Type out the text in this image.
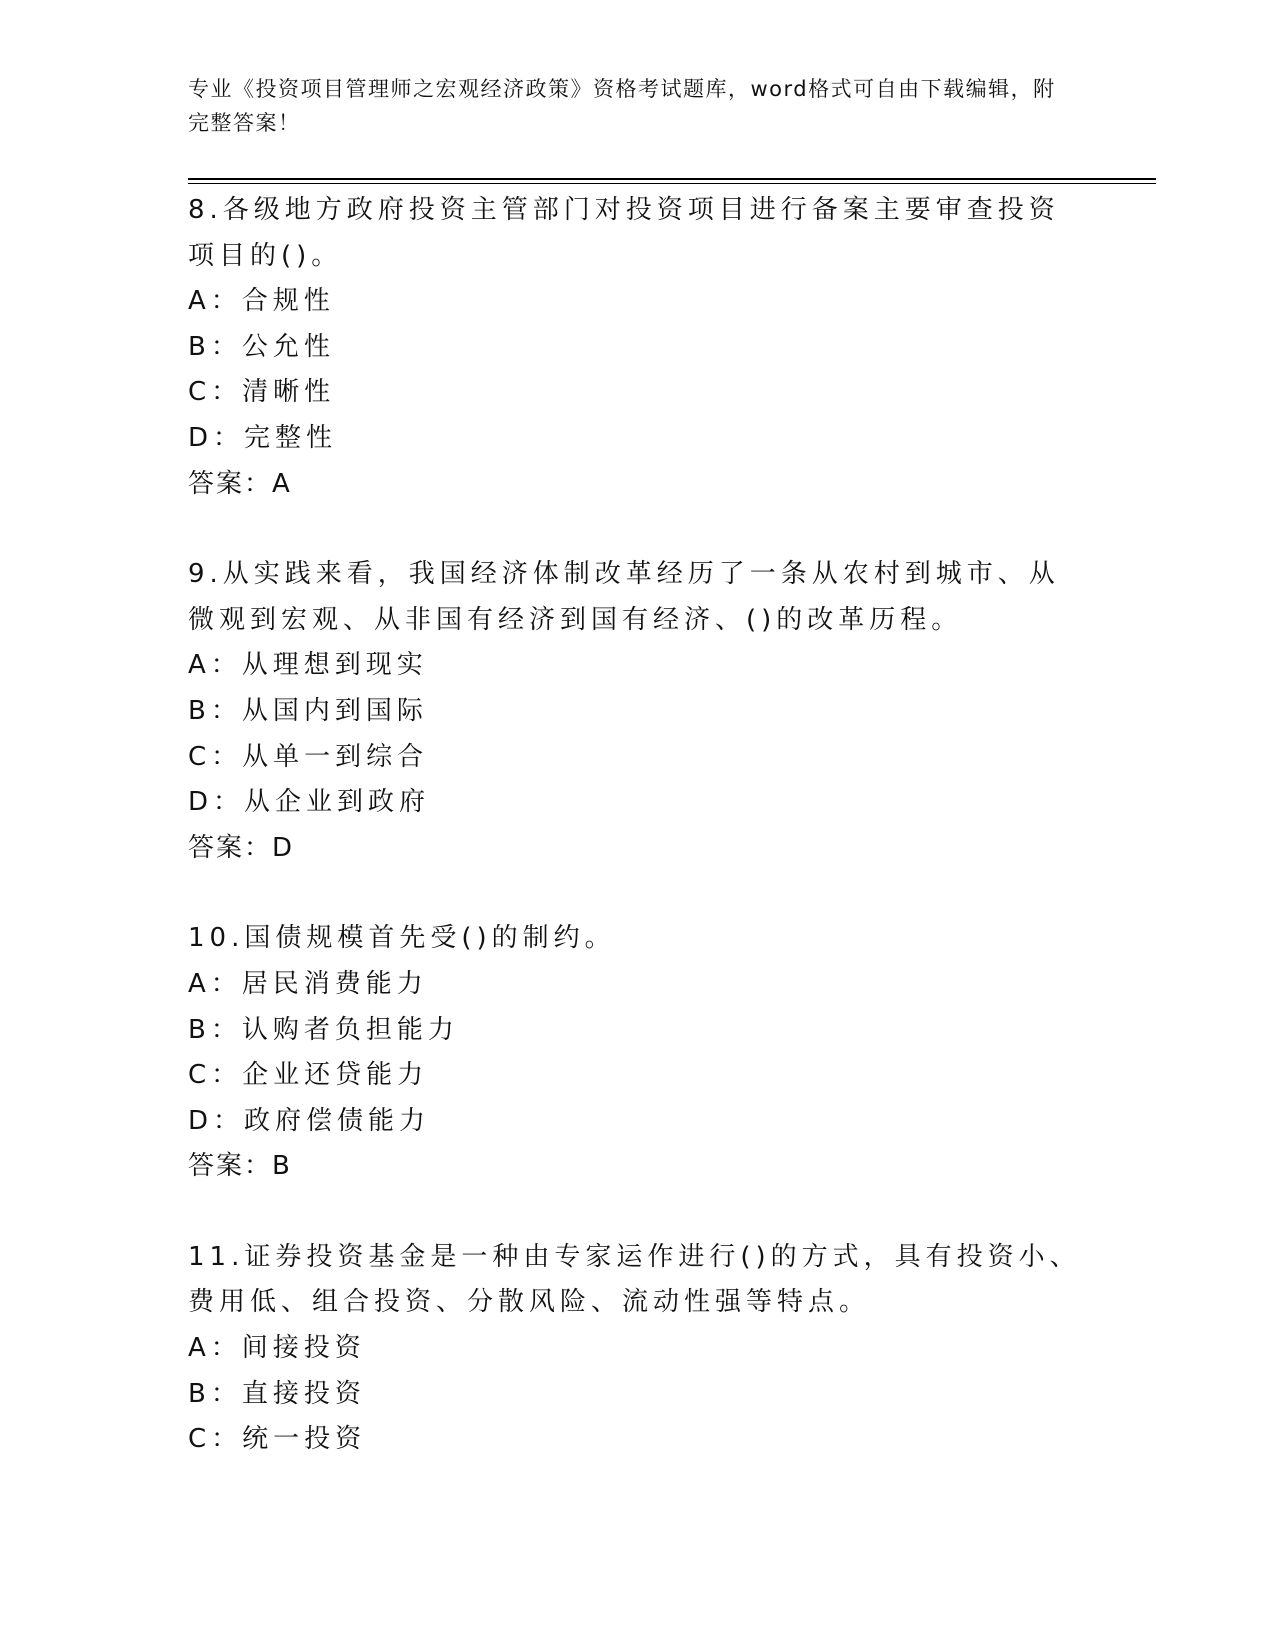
专业《投资项目管理师之宏观经济政策》资格考试题库，word格式可自由下载编辑，附完整答案！
8.各级地方政府投资主管部门对投资项目进行备案主要审查投资项目的()。
A：合规性
B：公允性
C：清晰性
D：完整性
答案：A
9.从实践来看，我国经济体制改革经历了一条从农村到城市、从微观到宏观、从非国有经济到国有经济、()的改革历程。
A：从理想到现实
B：从国内到国际
C：从单一到综合
D：从企业到政府
答案：D
10.国债规模首先受()的制约。
A：居民消费能力
B：认购者负担能力
C：企业还贷能力
D：政府偿债能力
答案：B
11.证券投资基金是一种由专家运作进行()的方式，具有投资小、费用低、组合投资、分散风险、流动性强等特点。
A：间接投资
B：直接投资
C：统一投资
